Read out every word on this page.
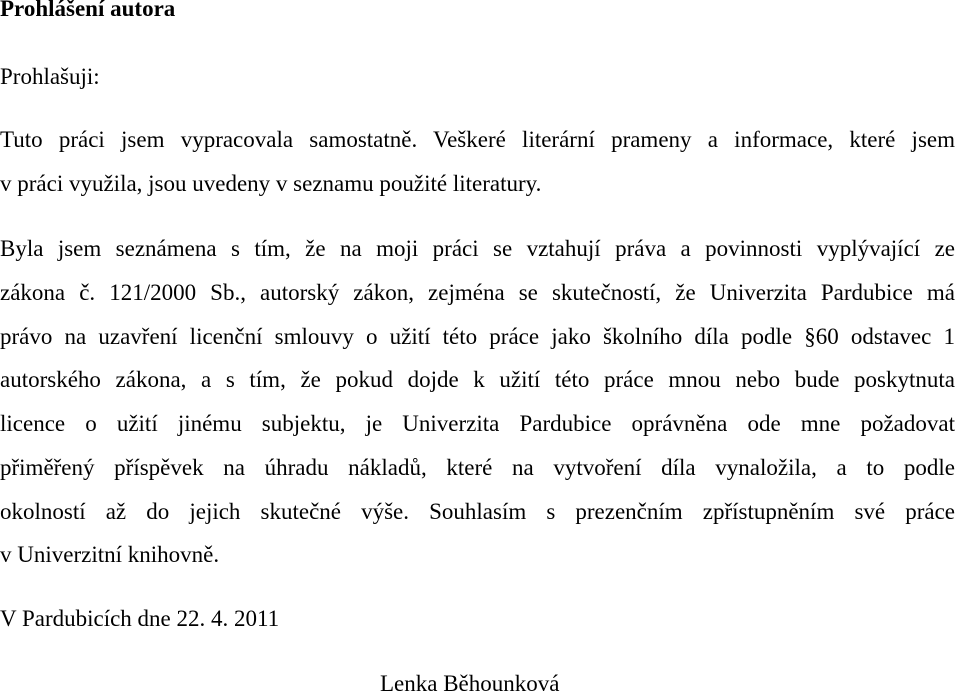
Prohlášení autora
Prohlašuji:
Tuto práci jsem vypracovala samostatně. Veškeré literární prameny a informace, které jsem
v práci využila, jsou uvedeny v seznamu použité literatury.
Byla jsem seznámena s tím, že na moji práci se vztahují práva a povinnosti vyplývající ze
zákona č. 121/2000 Sb., autorský zákon, zejména se skutečností, že Univerzita Pardubice má
právo na uzavření licenční smlouvy o užití této práce jako školního díla podle §60 odstavec 1
autorského zákona, a s tím, že pokud dojde k užití této práce mnou nebo bude poskytnuta
licence o užití jinému subjektu, je Univerzita Pardubice oprávněna ode mne požadovat
přiměřený příspěvek na úhradu nákladů, které na vytvoření díla vynaložila, a to podle
okolností až do jejich skutečné výše. Souhlasím s prezenčním zpřístupněním své práce
v Univerzitní knihovně.
V Pardubicích dne 22. 4. 2011
Lenka Běhounková
